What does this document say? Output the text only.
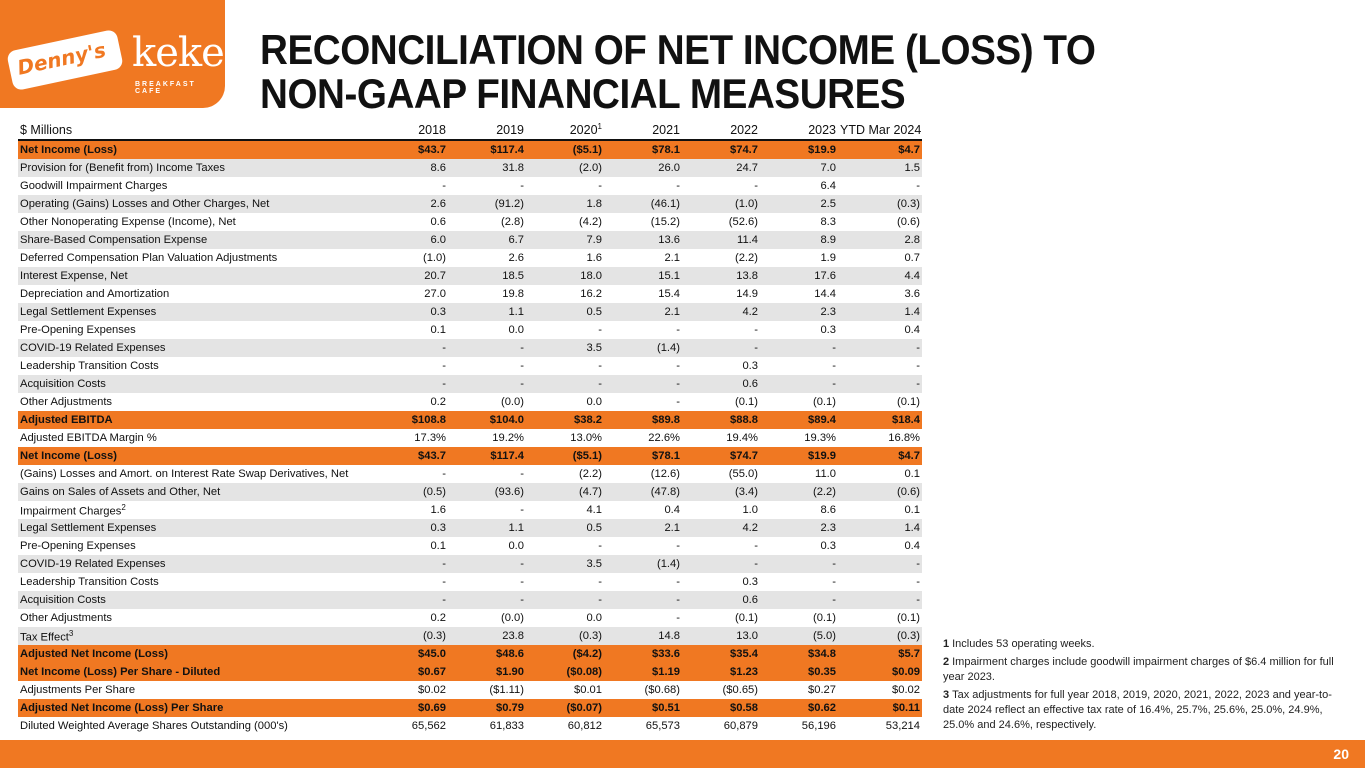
Denny's keke's
BREAKFAST CAFE
RECONCILIATION OF NET INCOME (LOSS) TO NON-GAAP FINANCIAL MEASURES
$ Millions	2018	2019	2020$^1$	2021	2022	2023	YTD Mar 2024
Net Income (Loss)	$43.7	$117.4	($5.1)	$78.1	$74.7	$19.9	$4.7
Provision for (Benefit from) Income Taxes	8.6	31.8	(2.0)	26.0	24.7	7.0	1.5
Goodwill Impairment Charges	-	-	-	-	-	6.4	-
Operating (Gains) Losses and Other Charges, Net	2.6	(91.2)	1.8	(46.1)	(1.0)	2.5	(0.3)
Other Nonoperating Expense (Income), Net	0.6	(2.8)	(4.2)	(15.2)	(52.6)	8.3	(0.6)
Share-Based Compensation Expense	6.0	6.7	7.9	13.6	11.4	8.9	2.8
Deferred Compensation Plan Valuation Adjustments	(1.0)	2.6	1.6	2.1	(2.2)	1.9	0.7
Interest Expense, Net	20.7	18.5	18.0	15.1	13.8	17.6	4.4
Depreciation and Amortization	27.0	19.8	16.2	15.4	14.9	14.4	3.6
Legal Settlement Expenses	0.3	1.1	0.5	2.1	4.2	2.3	1.4
Pre-Opening Expenses	0.1	0.0	-	-	-	0.3	0.4
COVID-19 Related Expenses	-	-	3.5	(1.4)	-	-	-
Leadership Transition Costs	-	-	-	-	0.3	-	-
Acquisition Costs	-	-	-	-	0.6	-	-
Other Adjustments	0.2	(0.0)	0.0	-	(0.1)	(0.1)	(0.1)
Adjusted EBITDA	$108.8	$104.0	$38.2	$89.8	$88.8	$89.4	$18.4
Adjusted EBITDA Margin %	17.3%	19.2%	13.0%	22.6%	19.4%	19.3%	16.8%
Net Income (Loss)	$43.7	$117.4	($5.1)	$78.1	$74.7	$19.9	$4.7
(Gains) Losses and Amort. on Interest Rate Swap Derivatives, Net	-	-	(2.2)	(12.6)	(55.0)	11.0	0.1
Gains on Sales of Assets and Other, Net	(0.5)	(93.6)	(4.7)	(47.8)	(3.4)	(2.2)	(0.6)
Impairment Charges$^2$	1.6	-	4.1	0.4	1.0	8.6	0.1
Legal Settlement Expenses	0.3	1.1	0.5	2.1	4.2	2.3	1.4
Pre-Opening Expenses	0.1	0.0	-	-	-	0.3	0.4
COVID-19 Related Expenses	-	-	3.5	(1.4)	-	-	-
Leadership Transition Costs	-	-	-	-	0.3	-	-
Acquisition Costs	-	-	-	-	0.6	-	-
Other Adjustments	0.2	(0.0)	0.0	-	(0.1)	(0.1)	(0.1)
Tax Effect$^3$	(0.3)	23.8	(0.3)	14.8	13.0	(5.0)	(0.3)
Adjusted Net Income (Loss)	$45.0	$48.6	($4.2)	$33.6	$35.4	$34.8	$5.7
Net Income (Loss) Per Share - Diluted	$0.67	$1.90	($0.08)	$1.19	$1.23	$0.35	$0.09
Adjustments Per Share	$0.02	($1.11)	$0.01	($0.68)	($0.65)	$0.27	$0.02
Adjusted Net Income (Loss) Per Share	$0.69	$0.79	($0.07)	$0.51	$0.58	$0.62	$0.11
Diluted Weighted Average Shares Outstanding (000's)	65,562	61,833	60,812	65,573	60,879	56,196	53,214
1 Includes 53 operating weeks.
2 Impairment charges include goodwill impairment charges of $6.4 million for full year 2023.
3 Tax adjustments for full year 2018, 2019, 2020, 2021, 2022, 2023 and year-to-date 2024 reflect an effective tax rate of 16.4%, 25.7%, 25.6%, 25.0%, 24.9%, 25.0% and 24.6%, respectively.
20
